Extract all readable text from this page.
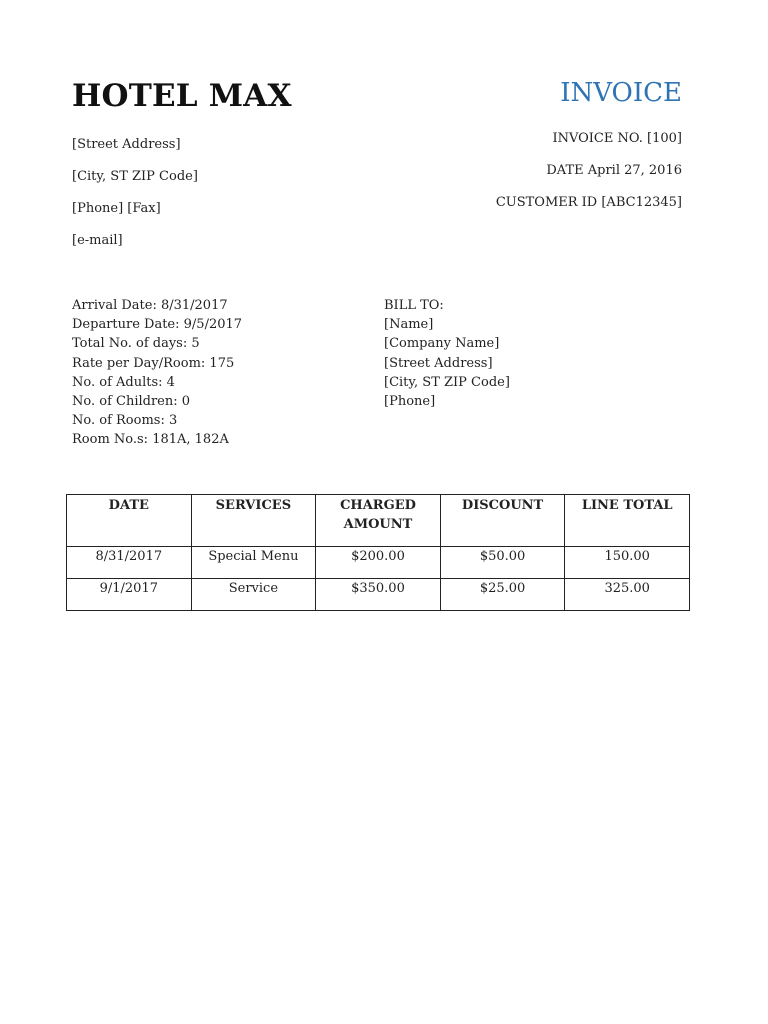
HOTEL MAX	INVOICE
[Street Address]
[City, ST ZIP Code]
[Phone] [Fax]
[e-mail]
INVOICE NO. [100]
DATE April 27, 2016
CUSTOMER ID [ABC12345]
Arrival Date: 8/31/2017
Departure Date: 9/5/2017
Total No. of days: 5
Rate per Day/Room: 175
No. of Adults: 4
No. of Children: 0
No. of Rooms: 3
Room No.s: 181A, 182A
BILL TO:
[Name]
[Company Name]
[Street Address]
[City, ST ZIP Code]
[Phone]
DATE	SERVICES	CHARGED AMOUNT	DISCOUNT	LINE TOTAL
8/31/2017	Special Menu	$200.00	$50.00	150.00
9/1/2017	Service	$350.00	$25.00	325.00
